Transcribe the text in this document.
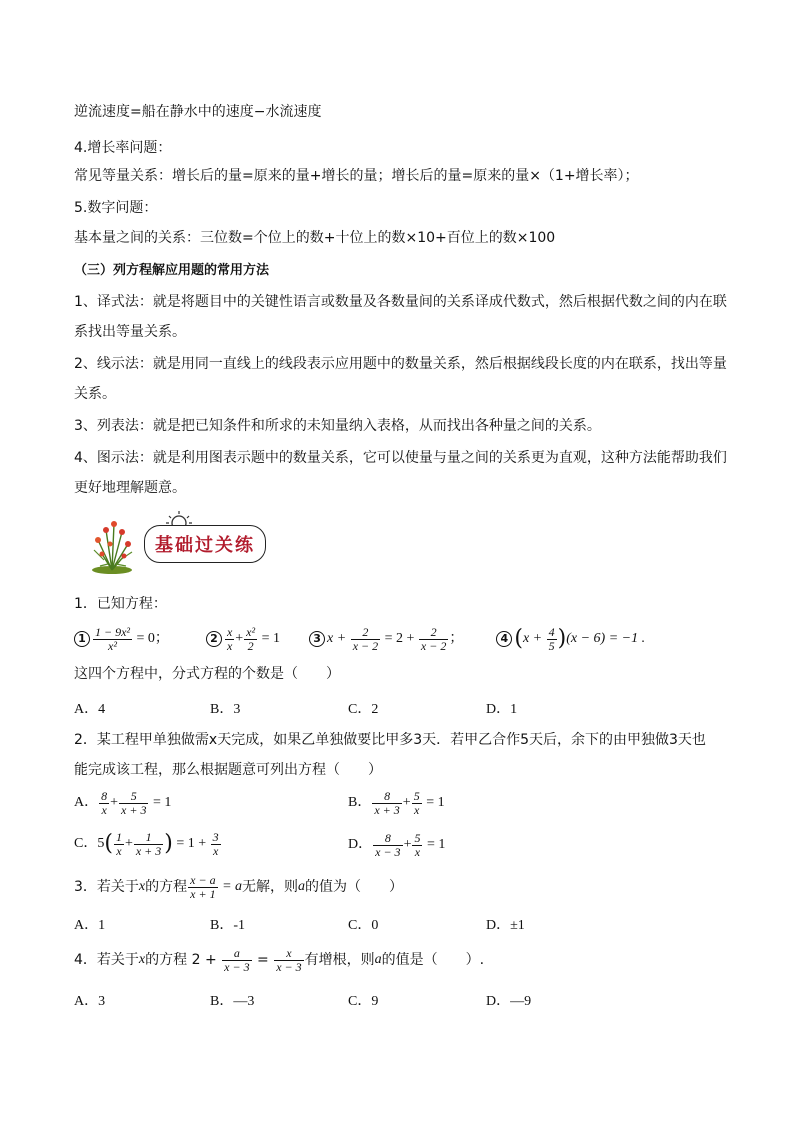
逆流速度=船在静水中的速度−水流速度
4.增长率问题：
常见等量关系：增长后的量=原来的量+增长的量；增长后的量=原来的量×（1+增长率）；
5.数字问题：
基本量之间的关系：三位数=个位上的数+十位上的数×10+百位上的数×100
（三）列方程解应用题的常用方法
1、译式法：就是将题目中的关键性语言或数量及各数量间的关系译成代数式，然后根据代数之间的内在联
系找出等量关系。
2、线示法：就是用同一直线上的线段表示应用题中的数量关系，然后根据线段长度的内在联系，找出等量
关系。
3、列表法：就是把已知条件和所求的未知量纳入表格，从而找出各种量之间的关系。
4、图示法：就是利用图表示题中的数量关系，它可以使量与量之间的关系更为直观，这种方法能帮助我们
更好地理解题意。
基础过关练
1．已知方程：
$1 \frac{\text{1 − 9x²}}{\text{x²}} = 0$；	$2 \frac{x}{x} + \frac{\text{x²}}{2} = 1$	3 $x + \frac{2}{x - 2} = 2 + \frac{2}{x - 2}$ ；	4 $(x + \frac{4}{5} )(x - 6) = -1$ .
这四个方程中，分式方程的个数是（　　）
A．4	B．3	C．2	D．1
2．某工程甲单独做需x天完成，如果乙单独做要比甲多3天．若甲乙合作5天后，余下的由甲独做3天也
能完成该工程，那么根据题意可列出方程（　　）
A． $\frac{8}{x} + \frac{5}{x + 3} = 1$	B． $\frac{8}{x + 3} + \frac{5}{x} = 1$
C．$5( \frac{1}{x} + \frac{1}{x + 3}$ ) = $1 + \frac{3}{x}$	D． $\frac{8}{x - 3} + \frac{5}{x} = 1$
3．若关于x的方程 $\frac{x - a}{x + 1} = a$无解，则a的值为（　　）
A．1	B．-1	C．0	D．±1
4．若关于x的方程 $2 + \frac{a}{x - 3} = \frac{x}{x - 3}$ 有增根，则a的值是（　　）.
A．3	B．—3	C．9	D．—9
